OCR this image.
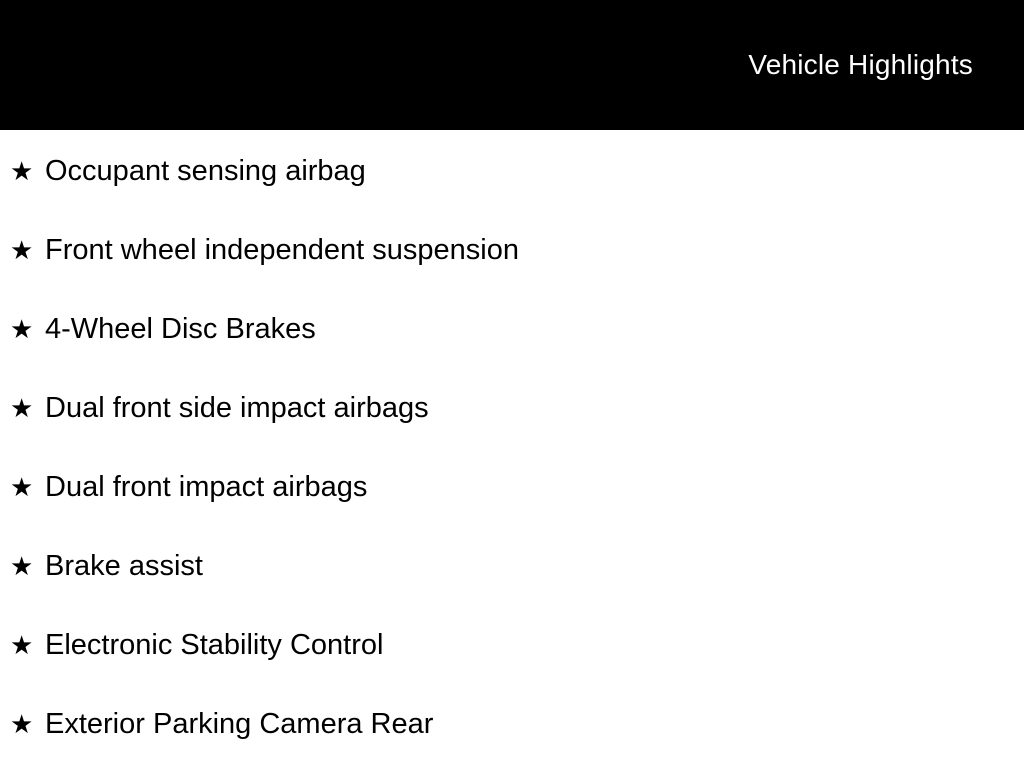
Vehicle Highlights
★ Occupant sensing airbag
★ Front wheel independent suspension
★ 4-Wheel Disc Brakes
★ Dual front side impact airbags
★ Dual front impact airbags
★ Brake assist
★ Electronic Stability Control
★ Exterior Parking Camera Rear
